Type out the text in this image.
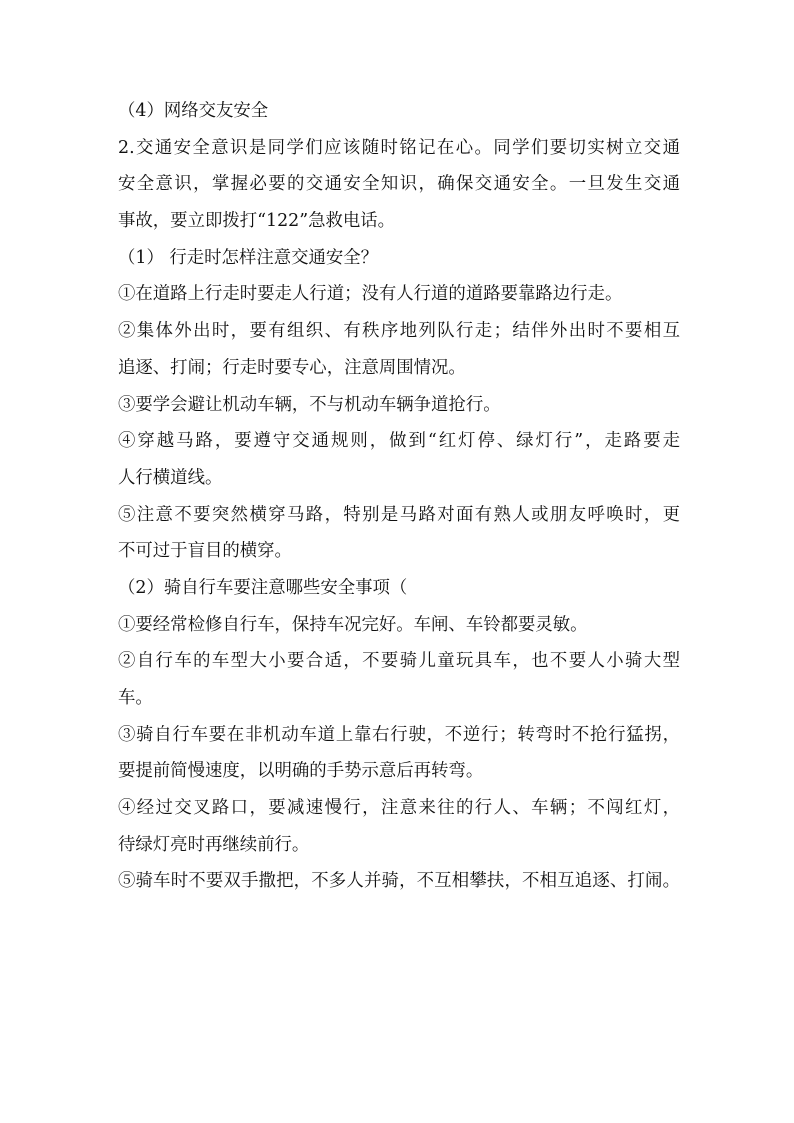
（4）网络交友安全
2.交通安全意识是同学们应该随时铭记在心。同学们要切实树立交通
安全意识，掌握必要的交通安全知识，确保交通安全。一旦发生交通
事故，要立即拨打“122”急救电话。
（1） 行走时怎样注意交通安全？
①在道路上行走时要走人行道；没有人行道的道路要靠路边行走。
②集体外出时，要有组织、有秩序地列队行走；结伴外出时不要相互
追逐、打闹；行走时要专心，注意周围情况。
③要学会避让机动车辆，不与机动车辆争道抢行。
④穿越马路，要遵守交通规则，做到“红灯停、绿灯行”，走路要走
人行横道线。
⑤注意不要突然横穿马路，特别是马路对面有熟人或朋友呼唤时，更
不可过于盲目的横穿。
（2）骑自行车要注意哪些安全事项（
①要经常检修自行车，保持车况完好。车闸、车铃都要灵敏。
②自行车的车型大小要合适，不要骑儿童玩具车，也不要人小骑大型
车。
③骑自行车要在非机动车道上靠右行驶，不逆行；转弯时不抢行猛拐，
要提前简慢速度，以明确的手势示意后再转弯。
④经过交叉路口，要减速慢行，注意来往的行人、车辆；不闯红灯，
待绿灯亮时再继续前行。
⑤骑车时不要双手撒把，不多人并骑，不互相攀扶，不相互追逐、打闹。
